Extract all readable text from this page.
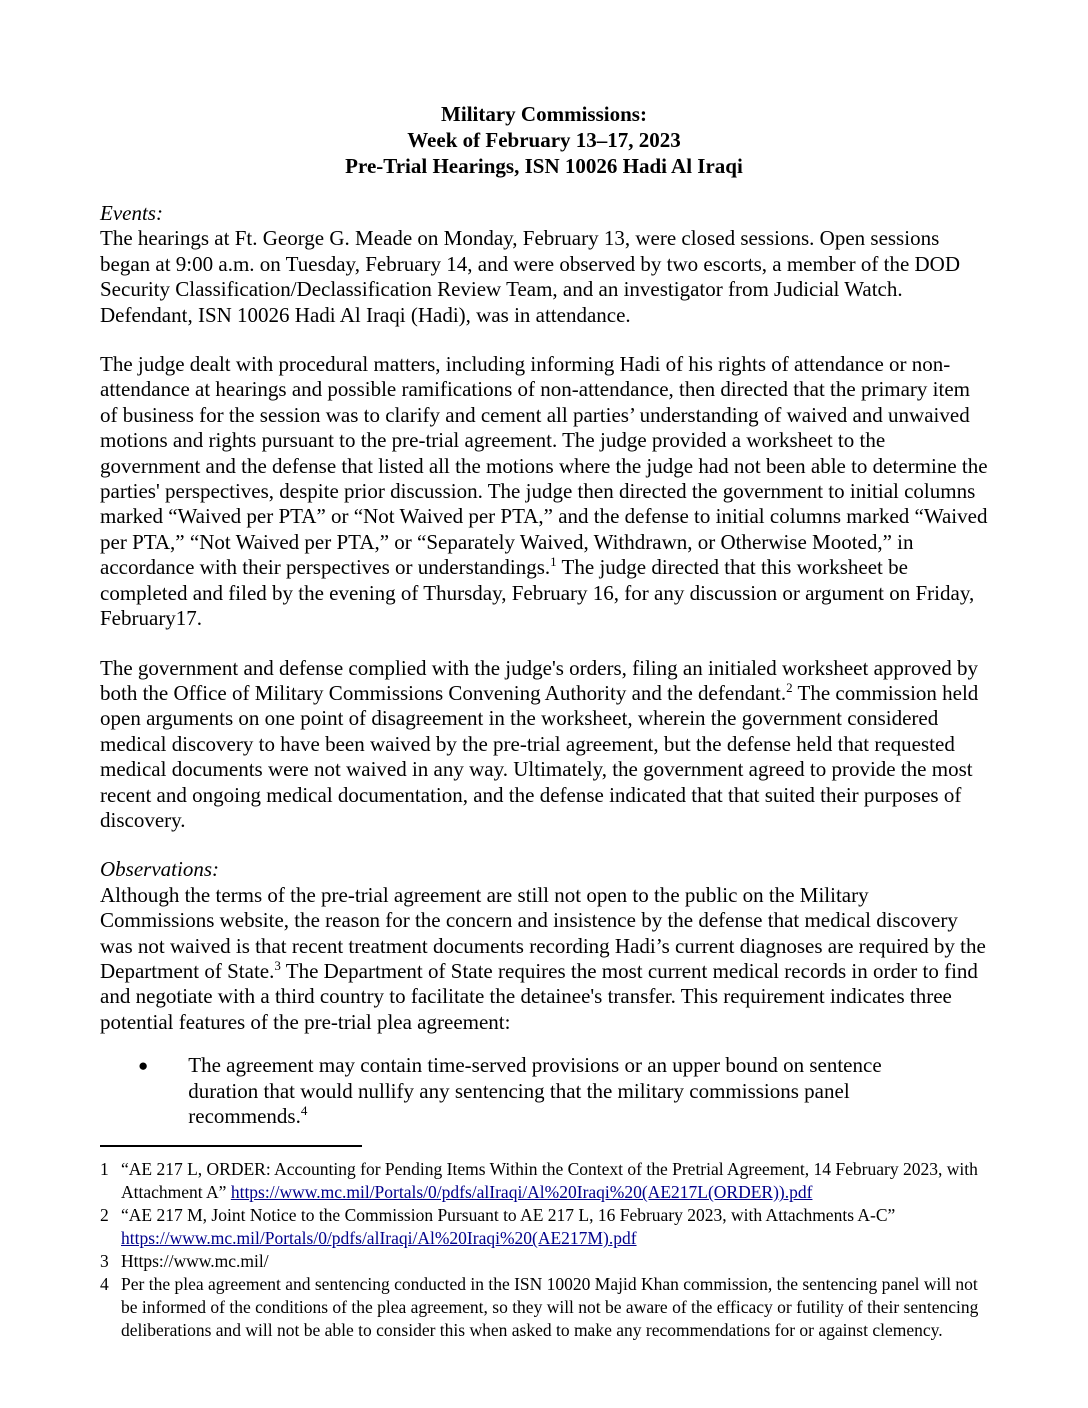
Military Commissions:
Week of February 13–17, 2023
Pre-Trial Hearings, ISN 10026 Hadi Al Iraqi

Events:

The hearings at Ft. George G. Meade on Monday, February 13, were closed sessions. Open sessions began at 9:00 a.m. on Tuesday, February 14, and were observed by two escorts, a member of the DOD Security Classification/Declassification Review Team, and an investigator from Judicial Watch. Defendant, ISN 10026 Hadi Al Iraqi (Hadi), was in attendance.

The judge dealt with procedural matters, including informing Hadi of his rights of attendance or non-attendance at hearings and possible ramifications of non-attendance, then directed that the primary item of business for the session was to clarify and cement all parties’ understanding of waived and unwaived motions and rights pursuant to the pre-trial agreement. The judge provided a worksheet to the government and the defense that listed all the motions where the judge had not been able to determine the parties' perspectives, despite prior discussion. The judge then directed the government to initial columns marked “Waived per PTA” or “Not Waived per PTA,” and the defense to initial columns marked “Waived per PTA,” “Not Waived per PTA,” or “Separately Waived, Withdrawn, or Otherwise Mooted,” in accordance with their perspectives or understandings.$^1$ The judge directed that this worksheet be completed and filed by the evening of Thursday, February 16, for any discussion or argument on Friday, February17.

The government and defense complied with the judge's orders, filing an initialed worksheet approved by both the Office of Military Commissions Convening Authority and the defendant.$^2$ The commission held open arguments on one point of disagreement in the worksheet, wherein the government considered medical discovery to have been waived by the pre-trial agreement, but the defense held that requested medical documents were not waived in any way. Ultimately, the government agreed to provide the most recent and ongoing medical documentation, and the defense indicated that that suited their purposes of discovery.

Observations:

Although the terms of the pre-trial agreement are still not open to the public on the Military Commissions website, the reason for the concern and insistence by the defense that medical discovery was not waived is that recent treatment documents recording Hadi’s current diagnoses are required by the Department of State.$^3$ The Department of State requires the most current medical records in order to find and negotiate with a third country to facilitate the detainee's transfer. This requirement indicates three potential features of the pre-trial plea agreement:

●	The agreement may contain time-served provisions or an upper bound on sentence duration that would nullify any sentencing that the military commissions panel recommends.$^4$

1 “AE 217 L, ORDER: Accounting for Pending Items Within the Context of the Pretrial Agreement, 14 February 2023, with Attachment A” https://www.mc.mil/Portals/0/pdfs/alIraqi/Al%20Iraqi%20(AE217L(ORDER)).pdf
2 “AE 217 M, Joint Notice to the Commission Pursuant to AE 217 L, 16 February 2023, with Attachments A-C” https://www.mc.mil/Portals/0/pdfs/alIraqi/Al%20Iraqi%20(AE217M).pdf
3 Https://www.mc.mil/
4 Per the plea agreement and sentencing conducted in the ISN 10020 Majid Khan commission, the sentencing panel will not be informed of the conditions of the plea agreement, so they will not be aware of the efficacy or futility of their sentencing deliberations and will not be able to consider this when asked to make any recommendations for or against clemency.
